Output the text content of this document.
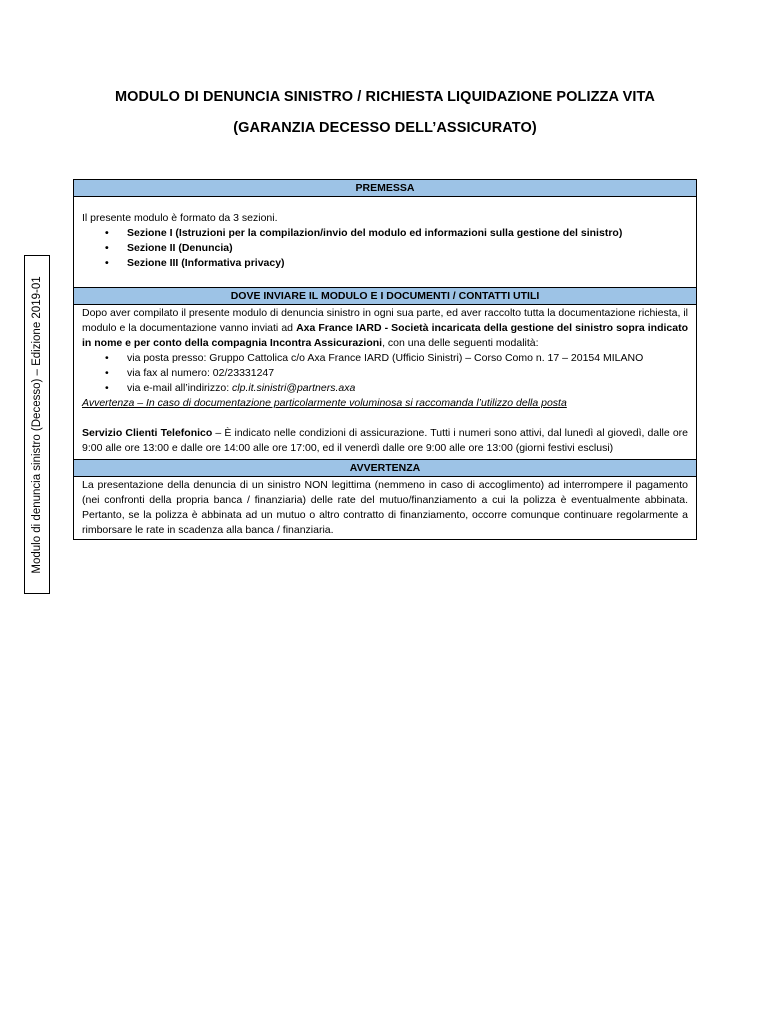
MODULO DI DENUNCIA SINISTRO / RICHIESTA LIQUIDAZIONE POLIZZA VITA
(GARANZIA DECESSO DELL’ASSICURATO)
Modulo di denuncia sinistro (Decesso) – Edizione 2019-01
PREMESSA
Il presente modulo è formato da 3 sezioni.
• Sezione I (Istruzioni per la compilazion/invio del modulo ed informazioni sulla gestione del sinistro)
• Sezione II (Denuncia)
• Sezione III (Informativa privacy)
DOVE INVIARE IL MODULO E I DOCUMENTI / CONTATTI UTILI
Dopo aver compilato il presente modulo di denuncia sinistro in ogni sua parte, ed aver raccolto tutta la documentazione richiesta, il modulo e la documentazione vanno inviati ad Axa France IARD - Società incaricata della gestione del sinistro sopra indicato in nome e per conto della compagnia Incontra Assicurazioni, con una delle seguenti modalità:
• via posta presso: Gruppo Cattolica c/o Axa France IARD (Ufficio Sinistri) – Corso Como n. 17 – 20154 MILANO
• via fax al numero: 02/23331247
• via e-mail all’indirizzo: clp.it.sinistri@partners.axa
Avvertenza – In caso di documentazione particolarmente voluminosa si raccomanda l’utilizzo della posta
Servizio Clienti Telefonico – È indicato nelle condizioni di assicurazione. Tutti i numeri sono attivi, dal lunedì al giovedì, dalle ore 9:00 alle ore 13:00 e dalle ore 14:00 alle ore 17:00, ed il venerdì dalle ore 9:00 alle ore 13:00 (giorni festivi esclusi)
AVVERTENZA
La presentazione della denuncia di un sinistro NON legittima (nemmeno in caso di accoglimento) ad interrompere il pagamento (nei confronti della propria banca / finanziaria) delle rate del mutuo/finanziamento a cui la polizza è eventualmente abbinata. Pertanto, se la polizza è abbinata ad un mutuo o altro contratto di finanziamento, occorre comunque continuare regolarmente a rimborsare le rate in scadenza alla banca / finanziaria.
